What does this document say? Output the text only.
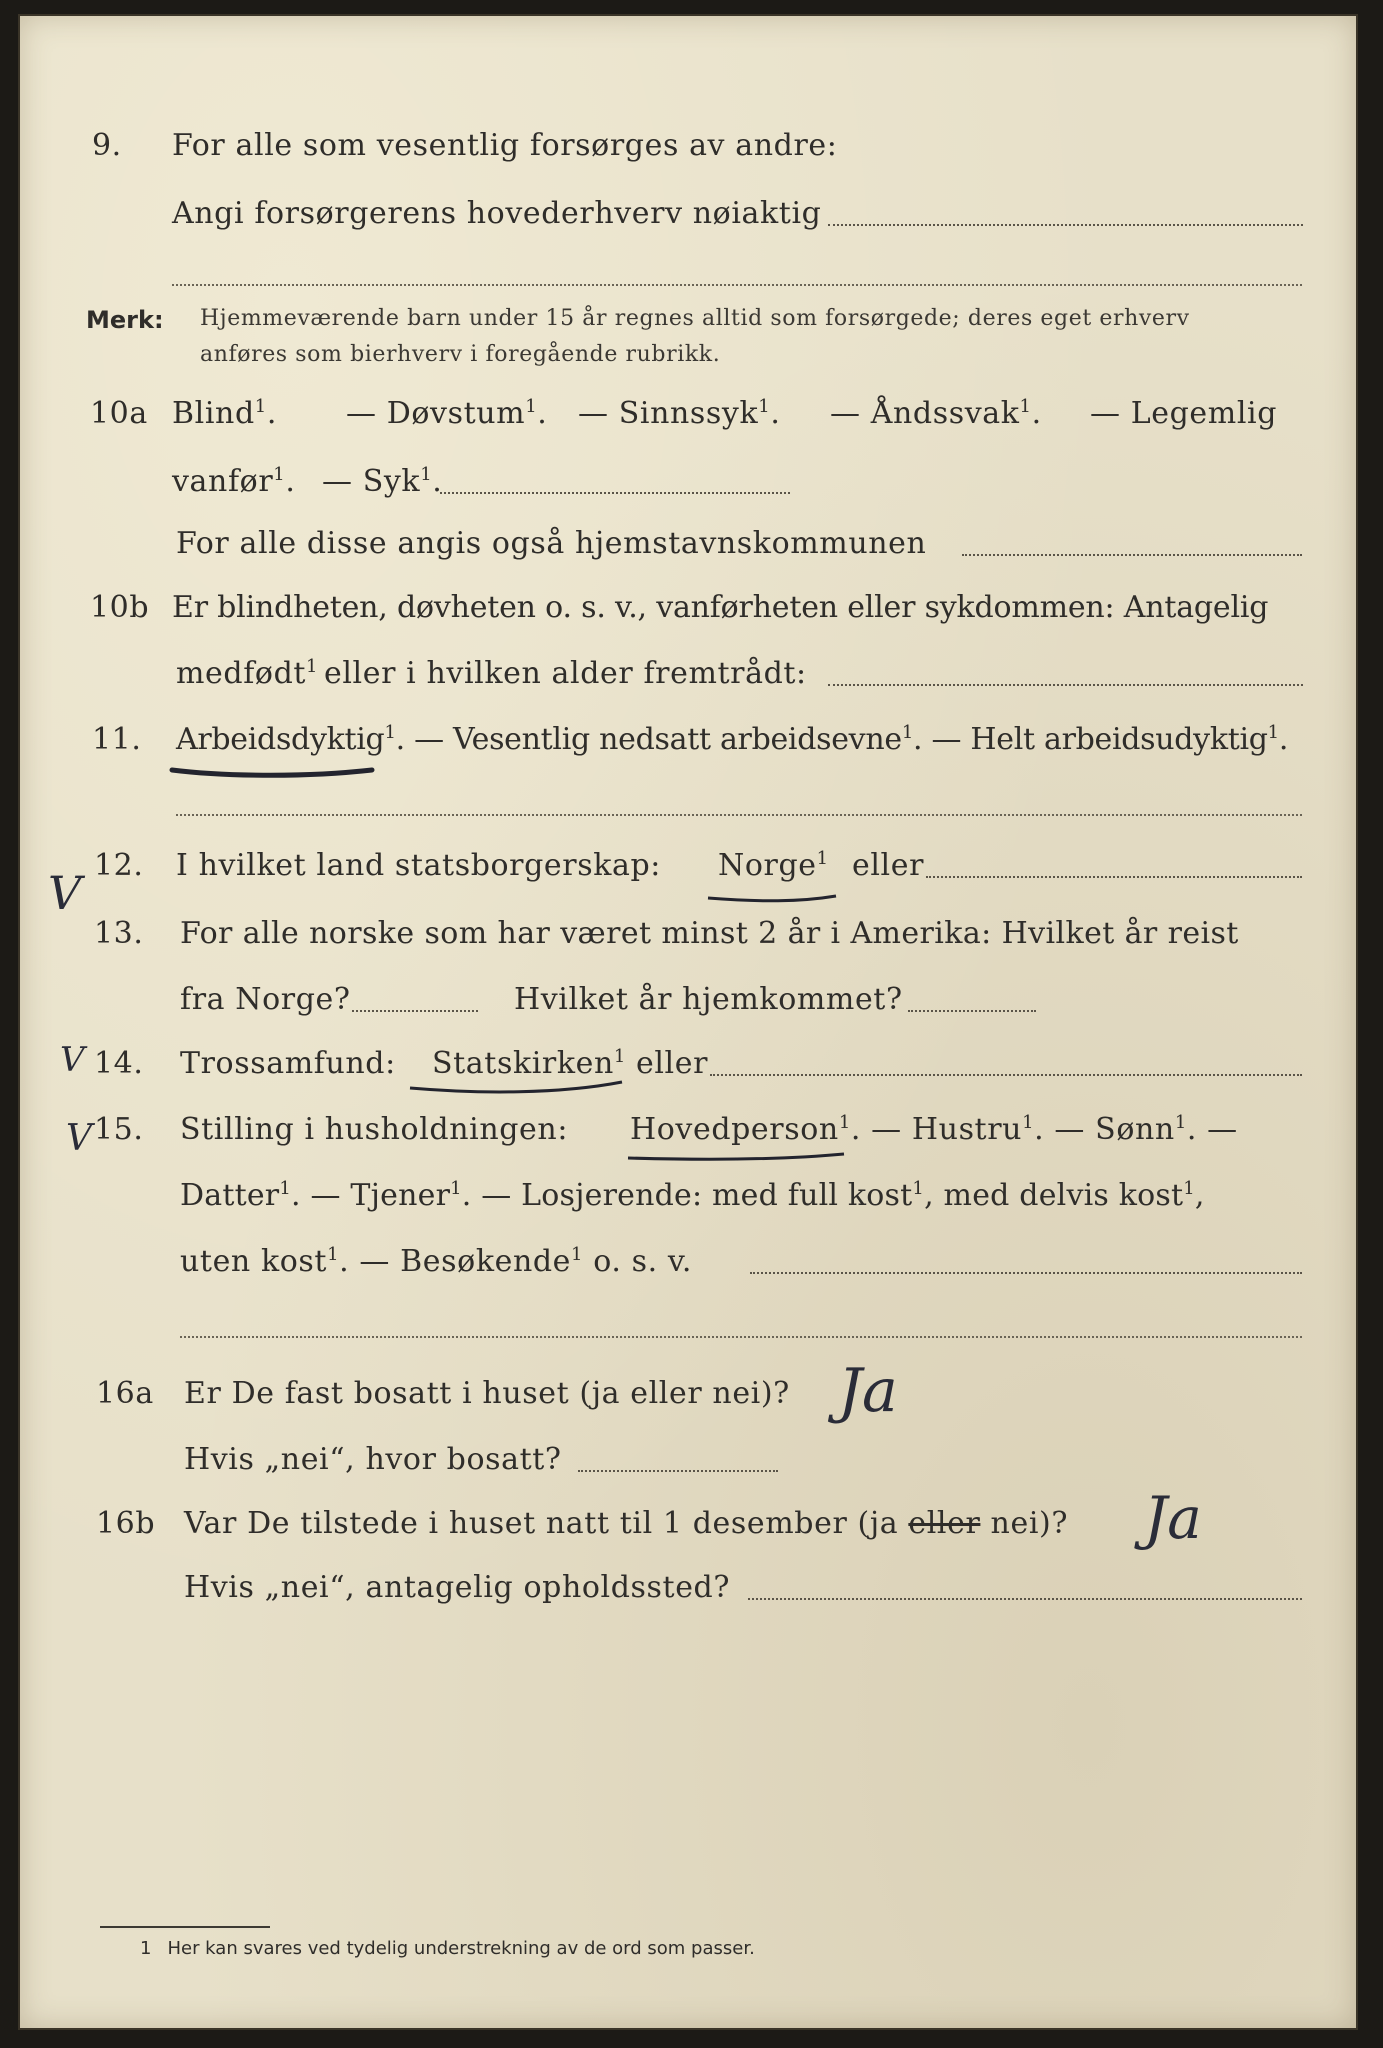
9. For alle som vesentlig forsørges av andre:
Angi forsørgerens hovederhverv nøiaktig
Merk: Hjemmeværende barn under 15 år regnes alltid som forsørgede; deres eget erhverv
anføres som bierhverv i foregående rubrikk.
10a Blind$^1$. — Døvstum$^1$. — Sinnssyk$^1$. — Åndssvak$^1$. — Legemlig
vanfør$^1$. — Syk$^1$.
For alle disse angis også hjemstavnskommunen
10b Er blindheten, døvheten o. s. v., vanførheten eller sykdommen: Antagelig
medfødt$^1$ eller i hvilken alder fremtrådt:
11. Arbeidsdyktig$^1$. — Vesentlig nedsatt arbeidsevne$^1$. — Helt arbeidsudyktig$^1$.
12. I hvilket land statsborgerskap: Norge$^1$ eller
13. For alle norske som har været minst 2 år i Amerika: Hvilket år reist
fra Norge?	Hvilket år hjemkommet?
14. Trossamfund: Statskirken$^1$ eller
15. Stilling i husholdningen: Hovedperson$^1$. — Hustru$^1$. — Sønn$^1$. —
Datter$^1$. — Tjener$^1$. — Losjerende: med full kost$^1$, med delvis kost$^1$,
uten kost$^1$. — Besøkende$^1$ o. s. v.
16a Er De fast bosatt i huset (ja eller nei)? Ja
Hvis „nei“, hvor bosatt?
16b Var De tilstede i huset natt til 1 desember (ja eller nei)? Ja
Hvis „nei“, antagelig opholdssted?
1 Her kan svares ved tydelig understrekning av de ord som passer.
V
V
V
